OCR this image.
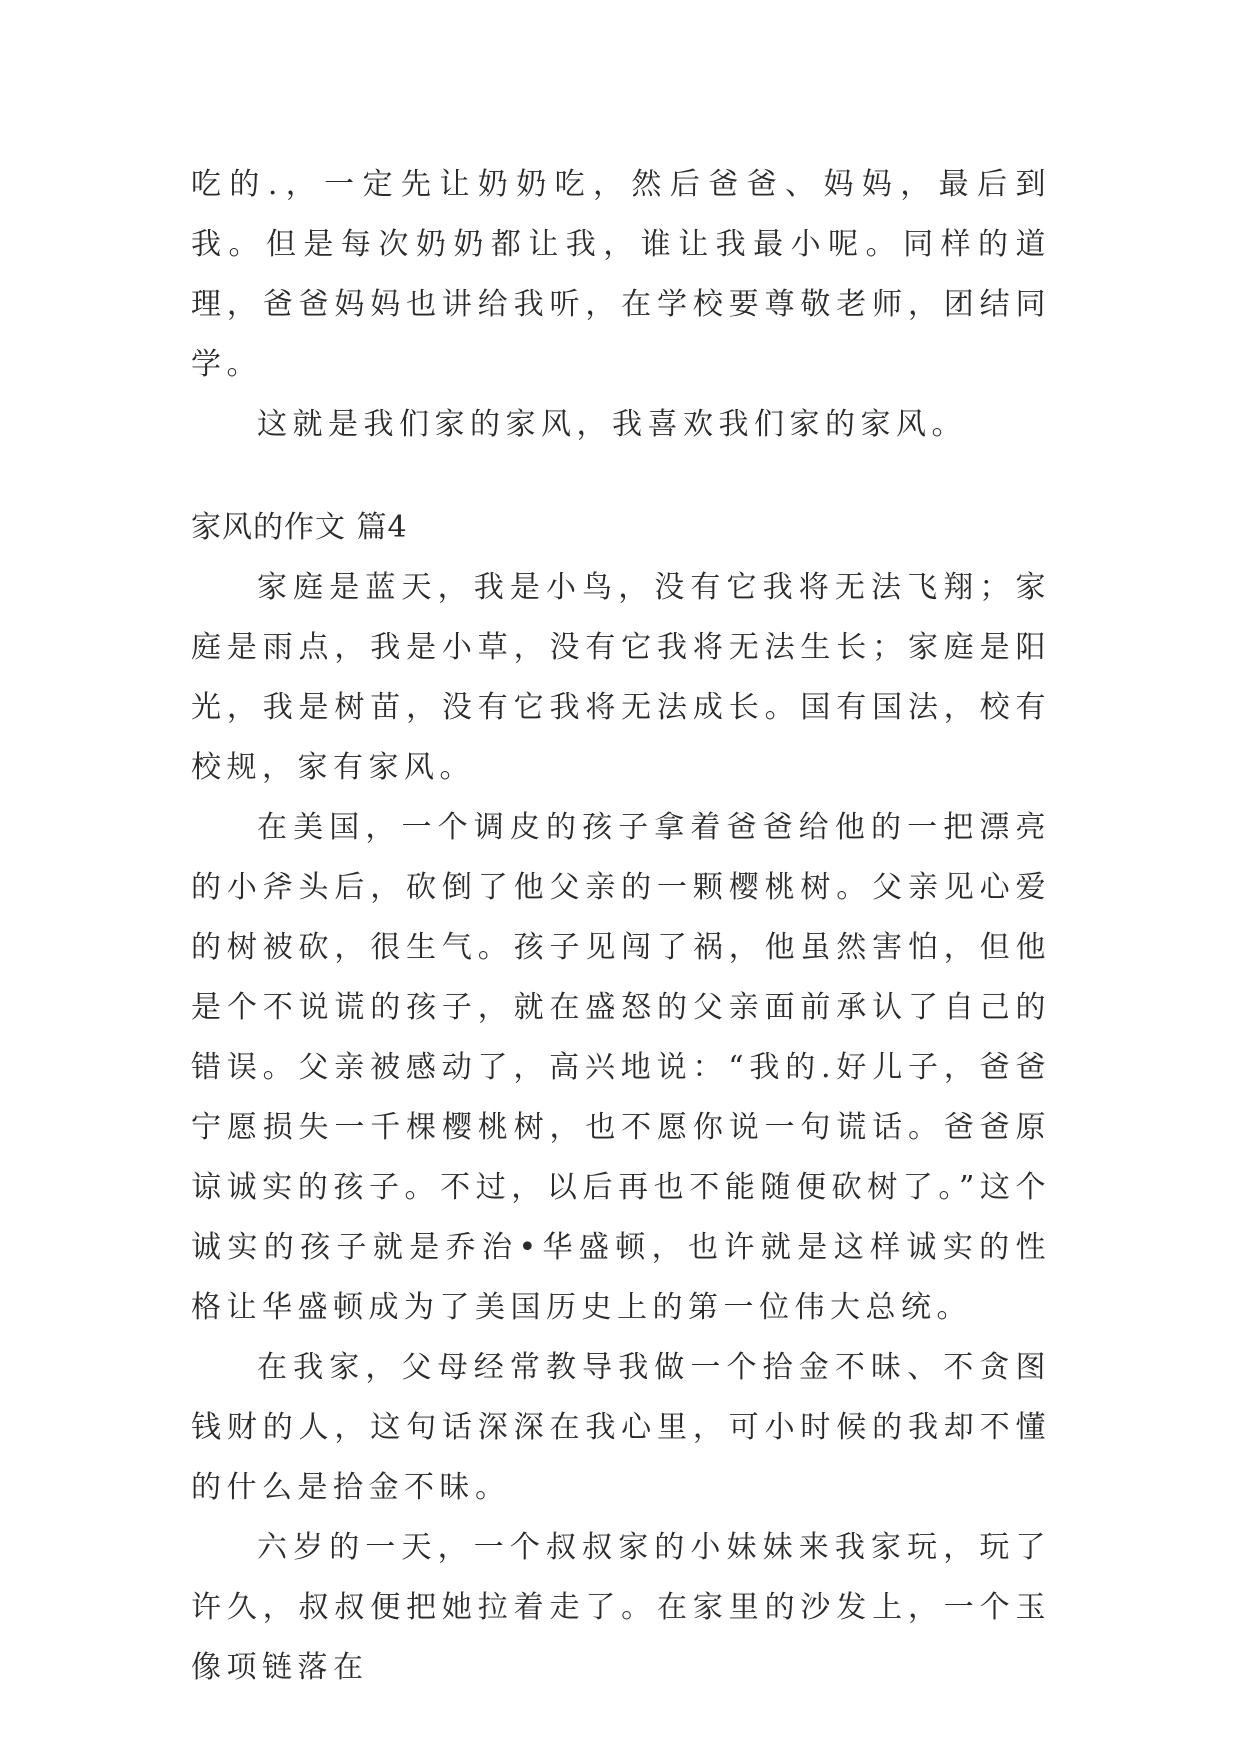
吃的.，一定先让奶奶吃，然后爸爸、妈妈，最后到我。但是每次奶奶都让我，谁让我最小呢。同样的道理，爸爸妈妈也讲给我听，在学校要尊敬老师，团结同学。

这就是我们家的家风，我喜欢我们家的家风。

家风的作文 篇4

家庭是蓝天，我是小鸟，没有它我将无法飞翔；家庭是雨点，我是小草，没有它我将无法生长；家庭是阳光，我是树苗，没有它我将无法成长。国有国法，校有校规，家有家风。

在美国，一个调皮的孩子拿着爸爸给他的一把漂亮的小斧头后，砍倒了他父亲的一颗樱桃树。父亲见心爱的树被砍，很生气。孩子见闯了祸，他虽然害怕，但他是个不说谎的孩子，就在盛怒的父亲面前承认了自己的错误。父亲被感动了，高兴地说：“我的.好儿子，爸爸宁愿损失一千棵樱桃树，也不愿你说一句谎话。爸爸原谅诚实的孩子。不过，以后再也不能随便砍树了。”这个诚实的孩子就是乔治•华盛顿，也许就是这样诚实的性格让华盛顿成为了美国历史上的第一位伟大总统。

在我家，父母经常教导我做一个拾金不昧、不贪图钱财的人，这句话深深在我心里，可小时候的我却不懂的什么是拾金不昧。

六岁的一天，一个叔叔家的小妹妹来我家玩，玩了许久，叔叔便把她拉着走了。在家里的沙发上，一个玉像项链落在
